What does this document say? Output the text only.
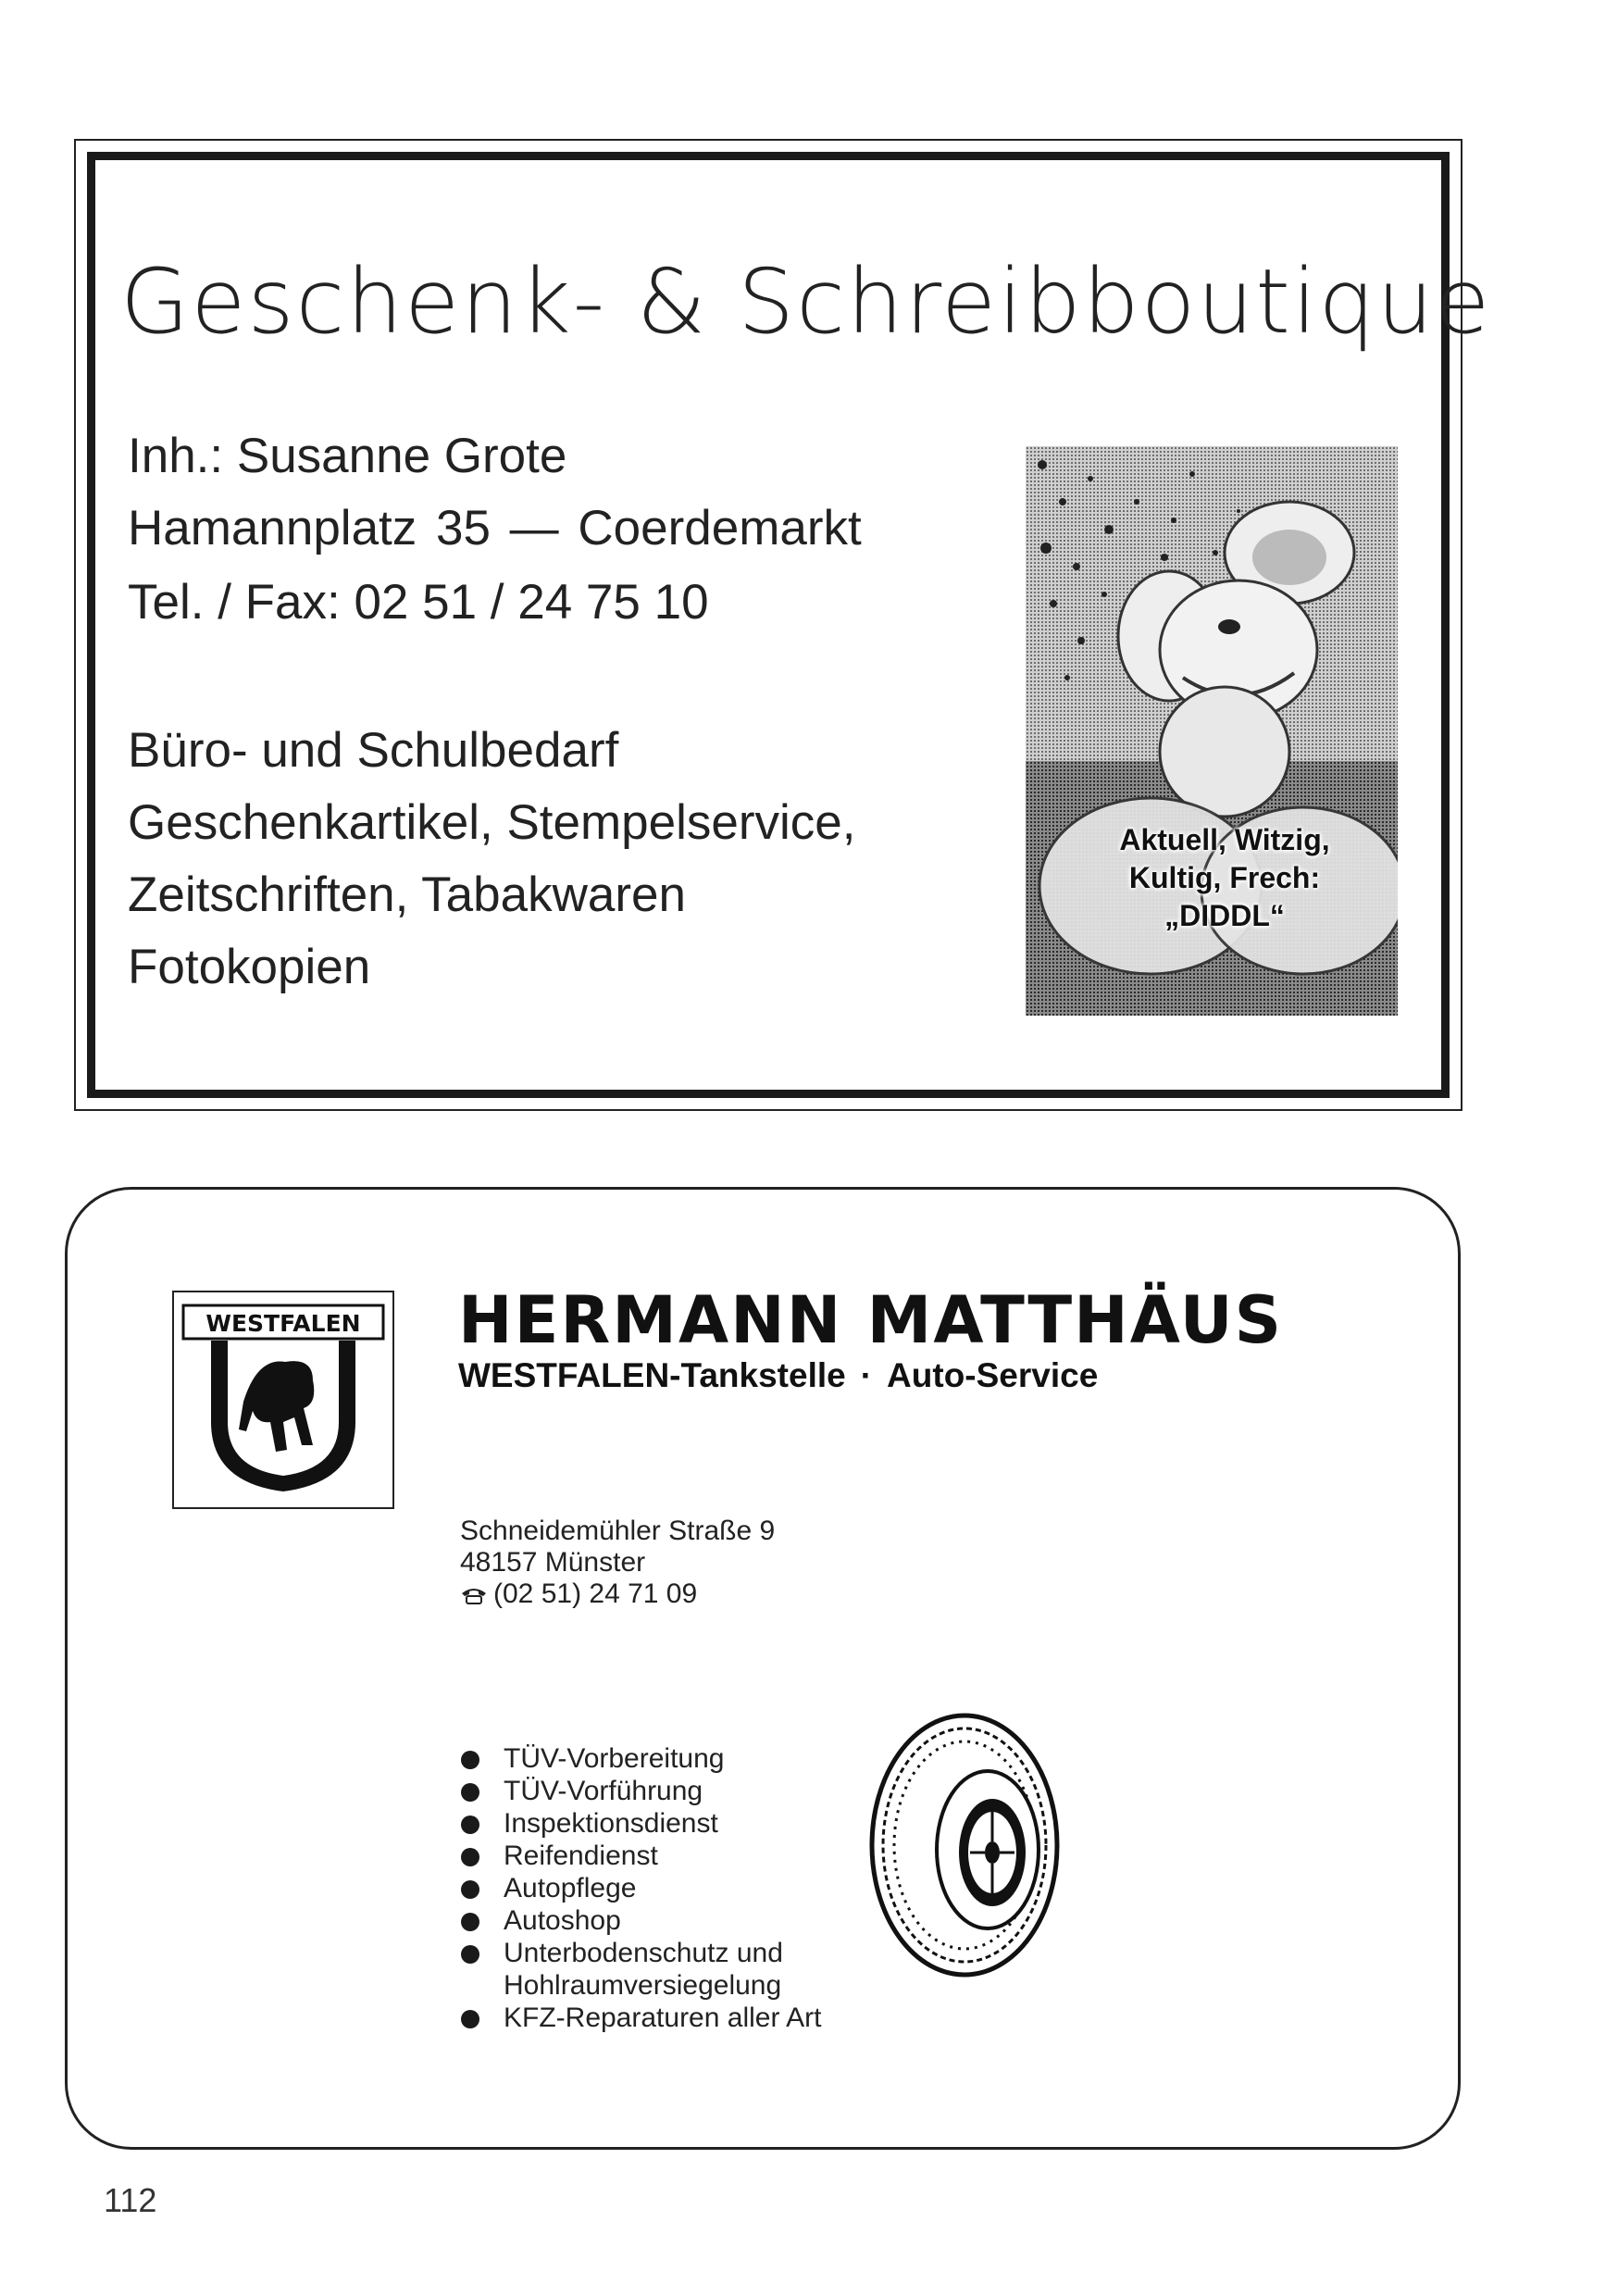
Geschenk- & Schreibboutique
Inh.: Susanne Grote
Hamannplatz 35 — Coerdemarkt
Tel. / Fax: 02 51 / 24 75 10
Büro- und Schulbedarf
Geschenkartikel, Stempelservice,
Zeitschriften, Tabakwaren
Fotokopien
Aktuell, Witzig,
Kultig, Frech:
„DIDDL“
WESTFALEN HERMANN MATTHÄUS
WESTFALEN-Tankstelle · Auto-Service
Schneidemühler Straße 9
48157 Münster
(02 51) 24 71 09
TÜV-Vorbereitung
TÜV-Vorführung
Inspektionsdienst
Reifendienst
Autopflege
Autoshop
Unterbodenschutz und
Hohlraumversiegelung
KFZ-Reparaturen aller Art
112
